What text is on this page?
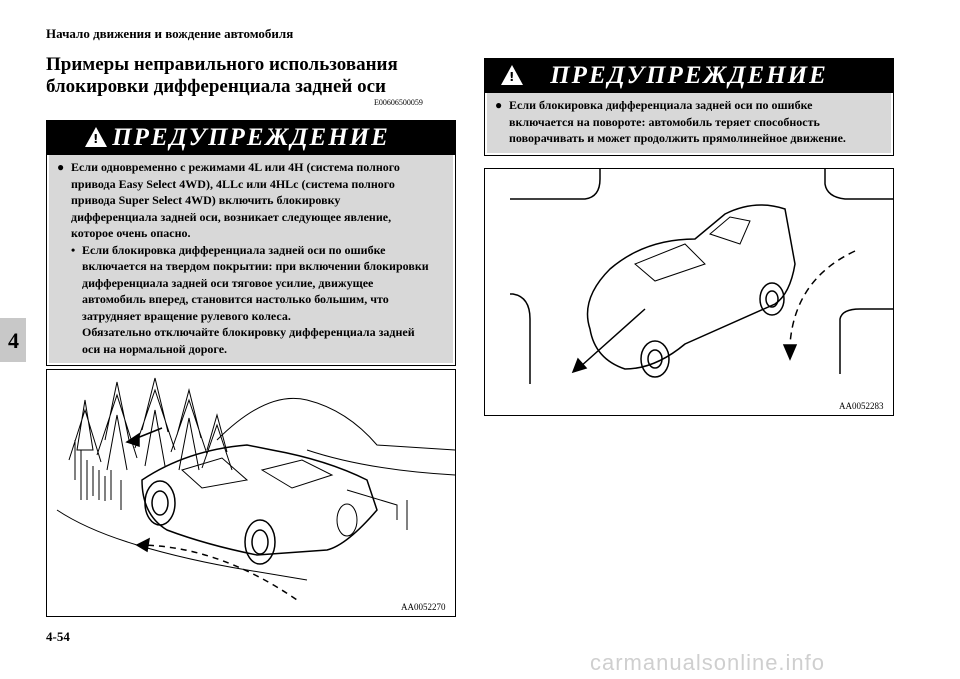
Начало движения и вождение автомобиля
Примеры неправильного использования
блокировки дифференциала задней оси
E00606500059
4
! ПРЕДУПРЕЖДЕНИЕ
● Если одновременно с режимами 4L или 4H (система полного
привода Easy Select 4WD), 4LLc или 4HLc (система полного
привода Super Select 4WD) включить блокировку
дифференциала задней оси, возникает следующее явление,
которое очень опасно.
• Если блокировка дифференциала задней оси по ошибке
включается на твердом покрытии: при включении блокировки
дифференциала задней оси тяговое усилие, движущее
автомобиль вперед, становится настолько большим, что
затрудняет вращение рулевого колеса.
Обязательно отключайте блокировку дифференциала задней
оси на нормальной дороге.
! ПРЕДУПРЕЖДЕНИЕ
● Если блокировка дифференциала задней оси по ошибке
включается на повороте: автомобиль теряет способность
поворачивать и может продолжить прямолинейное движение.
AA0052270
AA0052283
4-54
carmanualsonline.info
